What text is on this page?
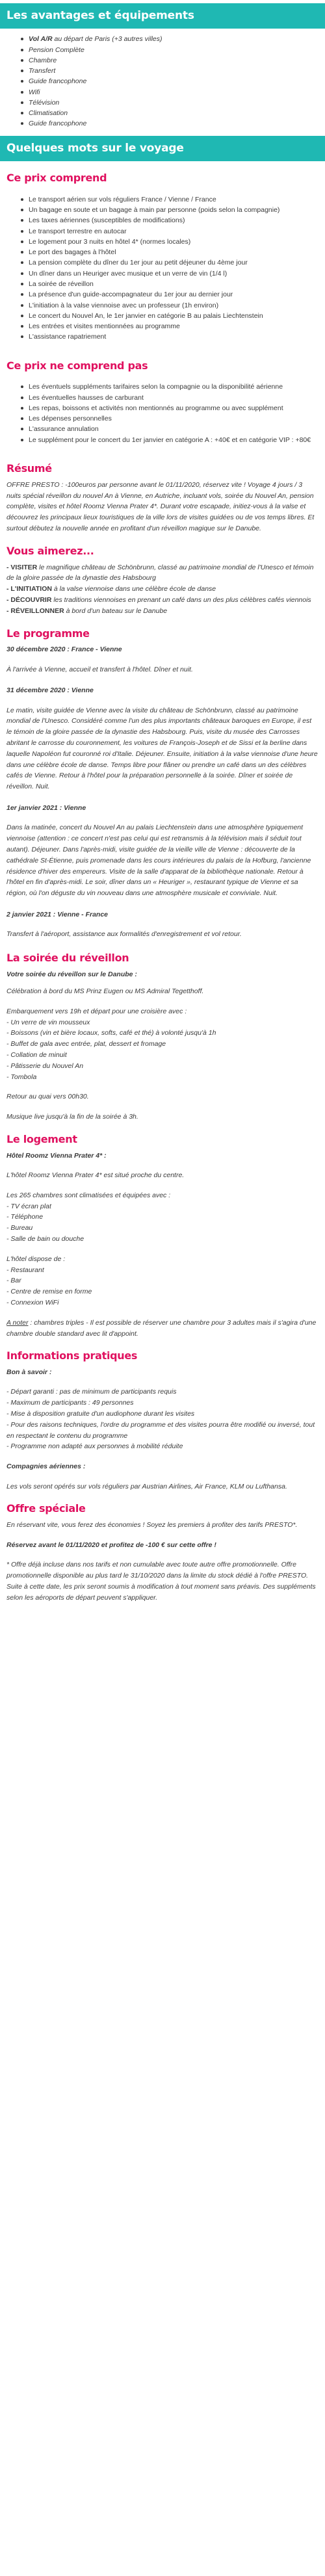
Les avantages et équipements
Vol A/R au départ de Paris (+3 autres villes)
Pension Complète
Chambre
Transfert
Guide francophone
Wifi
Télévision
Climatisation
Guide francophone
Quelques mots sur le voyage
Ce prix comprend
Le transport aérien sur vols réguliers France / Vienne / France
Un bagage en soute et un bagage à main par personne (poids selon la compagnie)
Les taxes aériennes (susceptibles de modifications)
Le transport terrestre en autocar
Le logement pour 3 nuits en hôtel 4* (normes locales)
Le port des bagages à l'hôtel
La pension complète du dîner du 1er jour au petit déjeuner du 4ème jour
Un dîner dans un Heuriger avec musique et un verre de vin (1/4 l)
La soirée de réveillon
La présence d'un guide-accompagnateur du 1er jour au dernier jour
L'initiation à la valse viennoise avec un professeur (1h environ)
Le concert du Nouvel An, le 1er janvier en catégorie B au palais Liechtenstein
Les entrées et visites mentionnées au programme
L'assistance rapatriement
Ce prix ne comprend pas
Les éventuels suppléments tarifaires selon la compagnie ou la disponibilité aérienne
Les éventuelles hausses de carburant
Les repas, boissons et activités non mentionnés au programme ou avec supplément
Les dépenses personnelles
L'assurance annulation
Le supplément pour le concert du 1er janvier en catégorie A : +40€ et en catégorie VIP : +80€
Résumé

OFFRE PRESTO : -100euros par personne avant le 01/11/2020, réservez vite ! Voyage 4 jours / 3 nuits spécial réveillon du nouvel An à Vienne, en Autriche, incluant vols, soirée du Nouvel An, pension complète, visites et hôtel Roomz Vienna Prater 4*. Durant votre escapade, initiez-vous à la valse et découvrez les principaux lieux touristiques de la ville lors de visites guidées ou de vos temps libres. Et surtout débutez la nouvelle année en profitant d'un réveillon magique sur le Danube.

Vous aimerez...

- VISITER le magnifique château de Schönbrunn, classé au patrimoine mondial de l'Unesco et témoin de la gloire passée de la dynastie des Habsbourg
- L'INITIATION à la valse viennoise dans une célèbre école de danse
- DÉCOUVRIR les traditions viennoises en prenant un café dans un des plus célèbres cafés viennois
- RÉVEILLONNER à bord d'un bateau sur le Danube

Le programme

30 décembre 2020 : France - Vienne

À l'arrivée à Vienne, accueil et transfert à l'hôtel. Dîner et nuit.

31 décembre 2020 : Vienne

Le matin, visite guidée de Vienne avec la visite du château de Schönbrunn, classé au patrimoine mondial de l'Unesco. Considéré comme l'un des plus importants châteaux baroques en Europe, il est le témoin de la gloire passée de la dynastie des Habsbourg. Puis, visite du musée des Carrosses abritant le carrosse du couronnement, les voitures de François-Joseph et de Sissi et la berline dans laquelle Napoléon fut couronné roi d'Italie. Déjeuner. Ensuite, initiation à la valse viennoise d'une heure dans une célèbre école de danse. Temps libre pour flâner ou prendre un café dans un des célèbres cafés de Vienne. Retour à l'hôtel pour la préparation personnelle à la soirée. Dîner et soirée de réveillon. Nuit.

1er janvier 2021 : Vienne

Dans la matinée, concert du Nouvel An au palais Liechtenstein dans une atmosphère typiquement viennoise (attention : ce concert n'est pas celui qui est retransmis à la télévision mais il séduit tout autant). Déjeuner. Dans l'après-midi, visite guidée de la vieille ville de Vienne : découverte de la cathédrale St-Étienne, puis promenade dans les cours intérieures du palais de la Hofburg, l'ancienne résidence d'hiver des empereurs. Visite de la salle d'apparat de la bibliothèque nationale. Retour à l'hôtel en fin d'après-midi. Le soir, dîner dans un « Heuriger », restaurant typique de Vienne et sa région, où l'on déguste du vin nouveau dans une atmosphère musicale et conviviale. Nuit.

2 janvier 2021 : Vienne - France

Transfert à l'aéroport, assistance aux formalités d'enregistrement et vol retour.

La soirée du réveillon

Votre soirée du réveillon sur le Danube :

Célébration à bord du MS Prinz Eugen ou MS Admiral Tegetthoff.

Embarquement vers 19h et départ pour une croisière avec :

- Un verre de vin mousseux

- Boissons (vin et bière locaux, softs, café et thé) à volonté jusqu'à 1h

- Buffet de gala avec entrée, plat, dessert et fromage

- Collation de minuit

- Pâtisserie du Nouvel An

- Tombola

Retour au quai vers 00h30.

Musique live jusqu'à la fin de la soirée à 3h.

Le logement

Hôtel Roomz Vienna Prater 4* :

L'hôtel Roomz Vienna Prater 4* est situé proche du centre.

Les 265 chambres sont climatisées et équipées avec :

- TV écran plat

- Téléphone

- Bureau

- Salle de bain ou douche

L'hôtel dispose de :

- Restaurant

- Bar

- Centre de remise en forme

- Connexion WiFi

A noter : chambres triples - Il est possible de réserver une chambre pour 3 adultes mais il s'agira d'une chambre double standard avec lit d'appoint.

Informations pratiques

Bon à savoir :

- Départ garanti : pas de minimum de participants requis

- Maximum de participants : 49 personnes

- Mise à disposition gratuite d'un audiophone durant les visites

- Pour des raisons techniques, l'ordre du programme et des visites pourra être modifié ou inversé, tout en respectant le contenu du programme

- Programme non adapté aux personnes à mobilité réduite

Compagnies aériennes :

Les vols seront opérés sur vols réguliers par Austrian Airlines, Air France, KLM ou Lufthansa.

Offre spéciale

En réservant vite, vous ferez des économies ! Soyez les premiers à profiter des tarifs PRESTO*.

Réservez avant le 01/11/2020 et profitez de -100 € sur cette offre !

* Offre déjà incluse dans nos tarifs et non cumulable avec toute autre offre promotionnelle. Offre promotionnelle disponible au plus tard le 31/10/2020 dans la limite du stock dédié à l'offre PRESTO. Suite à cette date, les prix seront soumis à modification à tout moment sans préavis. Des suppléments selon les aéroports de départ peuvent s'appliquer.
